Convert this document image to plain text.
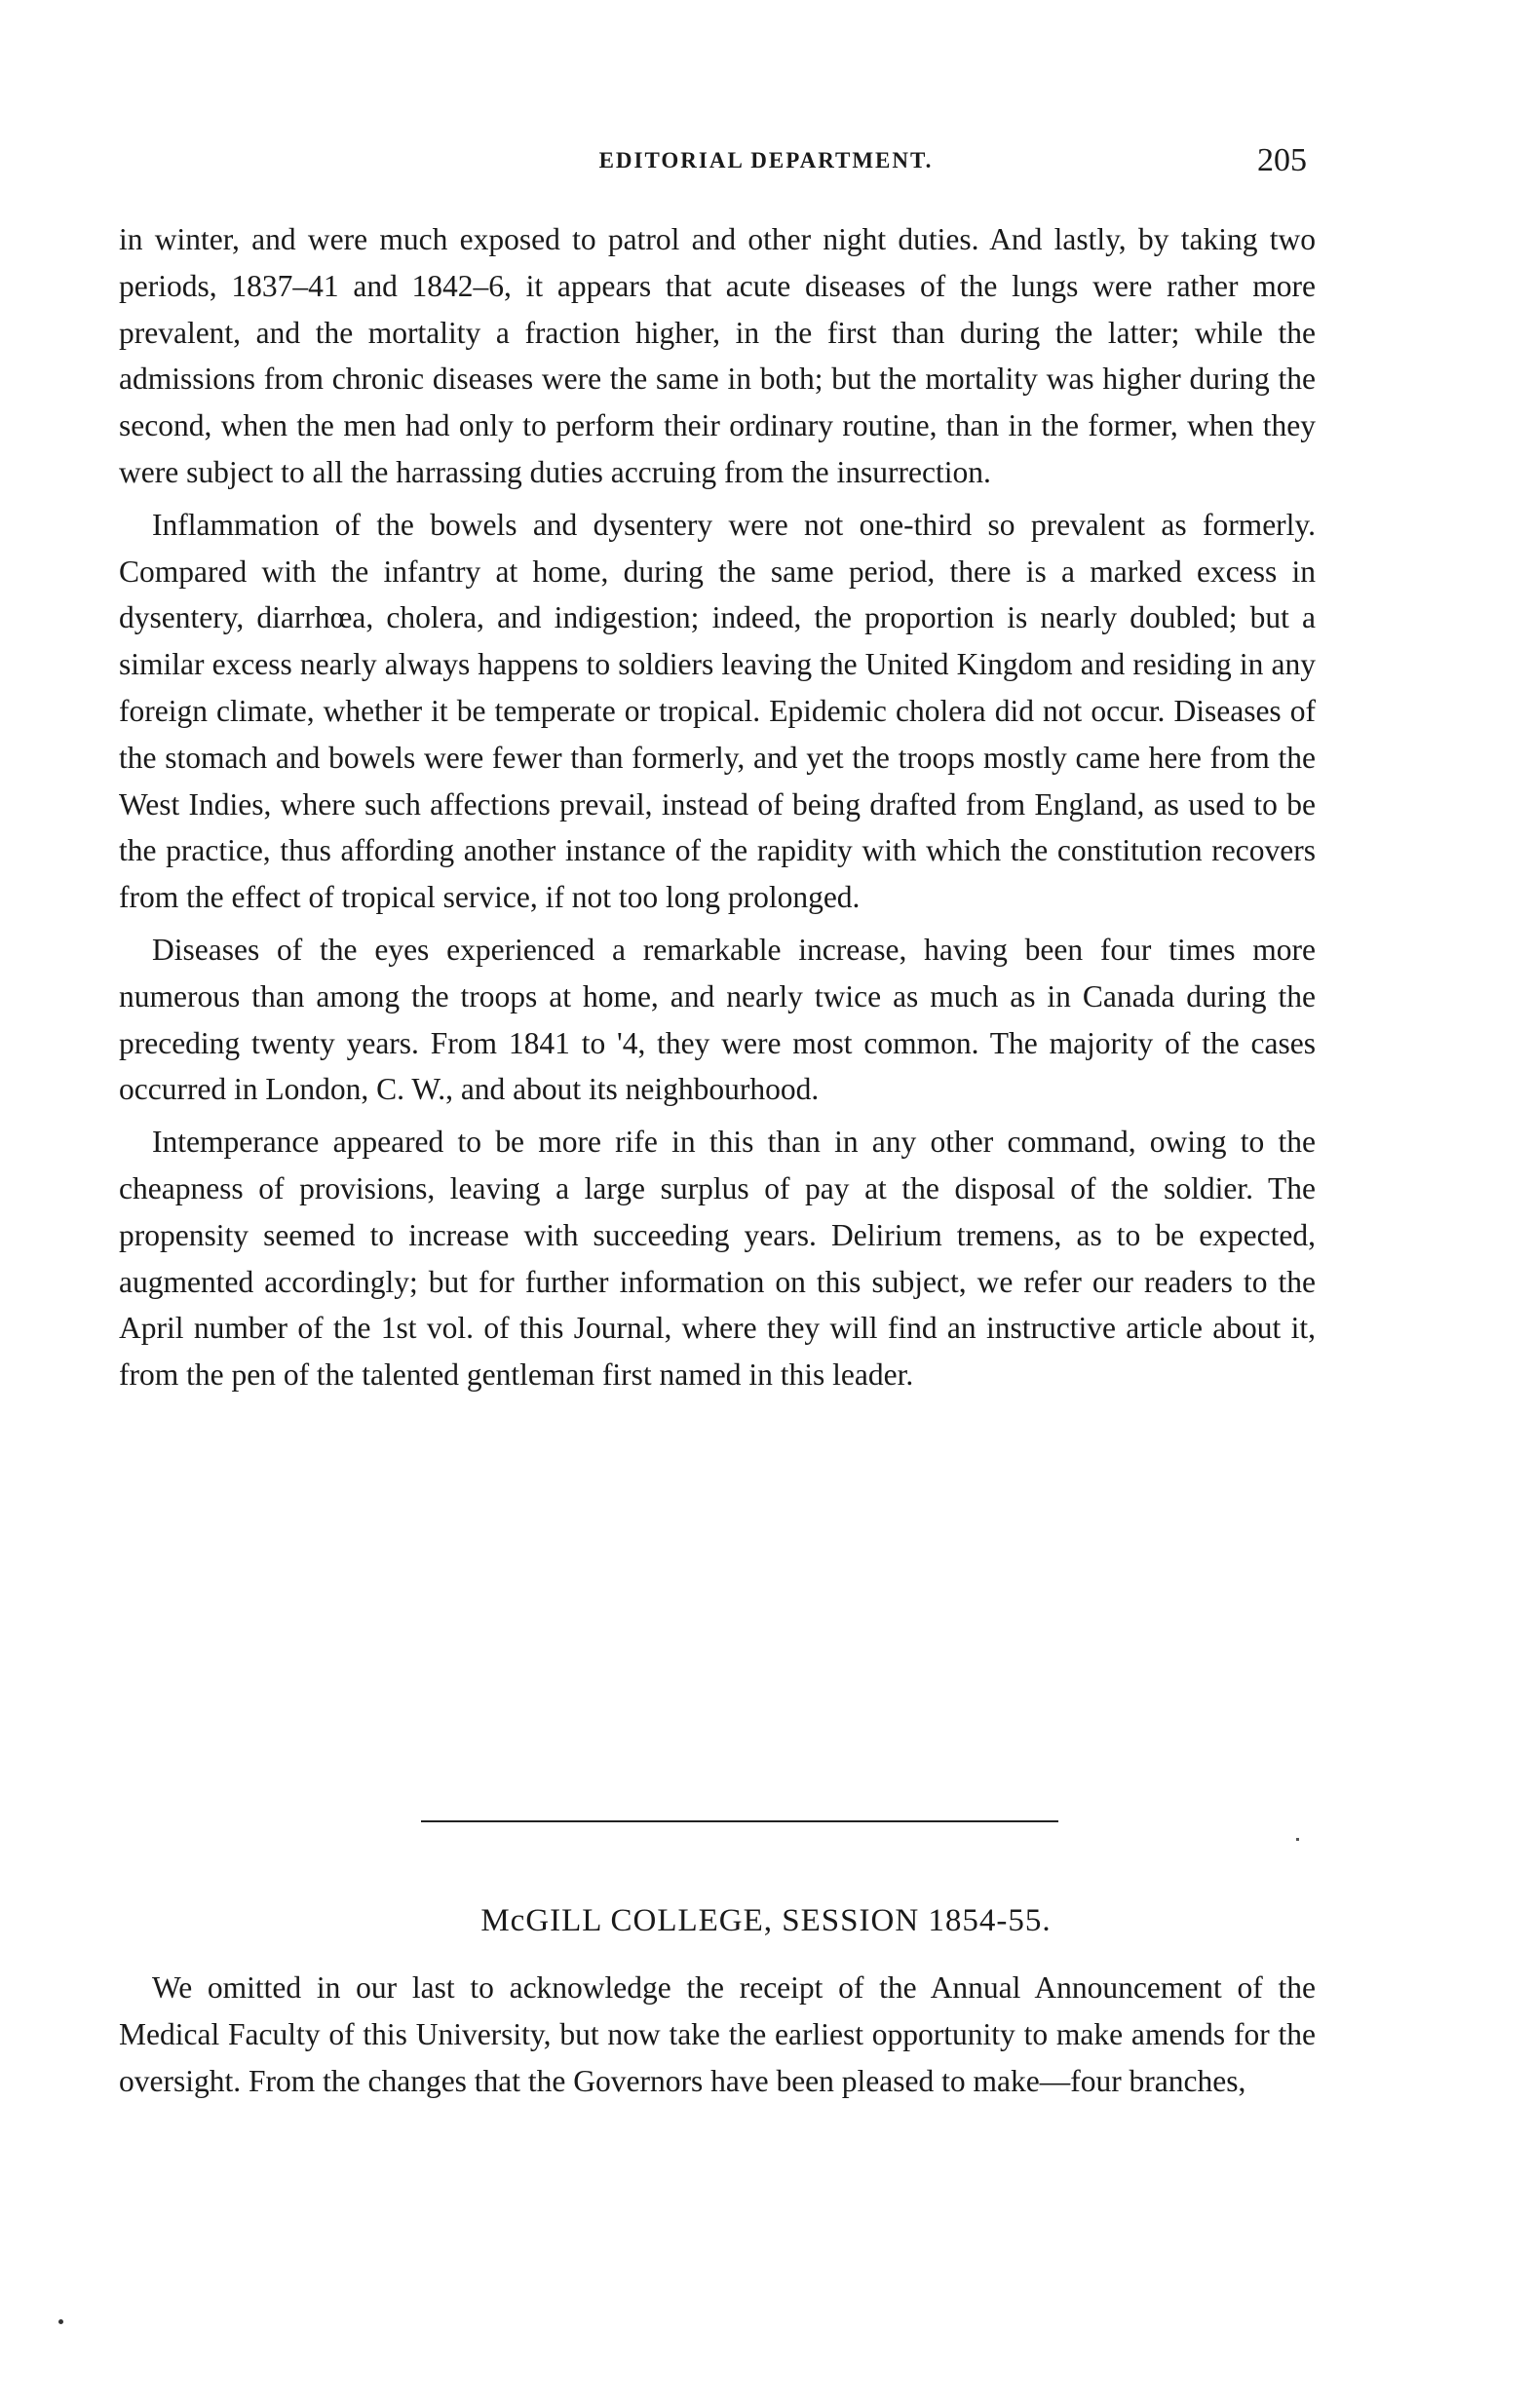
EDITORIAL DEPARTMENT.	205

in winter, and were much exposed to patrol and other night duties. And lastly, by taking two periods, 1837–41 and 1842–6, it appears that acute diseases of the lungs were rather more prevalent, and the mortality a fraction higher, in the first than during the latter; while the admissions from chronic diseases were the same in both; but the mortality was higher during the second, when the men had only to perform their ordinary routine, than in the former, when they were subject to all the harrassing duties accruing from the insurrection.

Inflammation of the bowels and dysentery were not one-third so prevalent as formerly. Compared with the infantry at home, during the same period, there is a marked excess in dysentery, diarrhœa, cholera, and indigestion; indeed, the proportion is nearly doubled; but a similar excess nearly always happens to soldiers leaving the United Kingdom and residing in any foreign climate, whether it be temperate or tropical. Epidemic cholera did not occur. Diseases of the stomach and bowels were fewer than formerly, and yet the troops mostly came here from the West Indies, where such affections prevail, instead of being drafted from England, as used to be the practice, thus affording another instance of the rapidity with which the constitution recovers from the effect of tropical service, if not too long prolonged.

Diseases of the eyes experienced a remarkable increase, having been four times more numerous than among the troops at home, and nearly twice as much as in Canada during the preceding twenty years. From 1841 to '4, they were most common. The majority of the cases occurred in London, C. W., and about its neighbourhood.

Intemperance appeared to be more rife in this than in any other command, owing to the cheapness of provisions, leaving a large surplus of pay at the disposal of the soldier. The propensity seemed to increase with succeeding years. Delirium tremens, as to be expected, augmented accordingly; but for further information on this subject, we refer our readers to the April number of the 1st vol. of this Journal, where they will find an instructive article about it, from the pen of the talented gentleman first named in this leader.

McGILL COLLEGE, SESSION 1854-55.

We omitted in our last to acknowledge the receipt of the Annual Announcement of the Medical Faculty of this University, but now take the earliest opportunity to make amends for the oversight. From the changes that the Governors have been pleased to make—four branches,
